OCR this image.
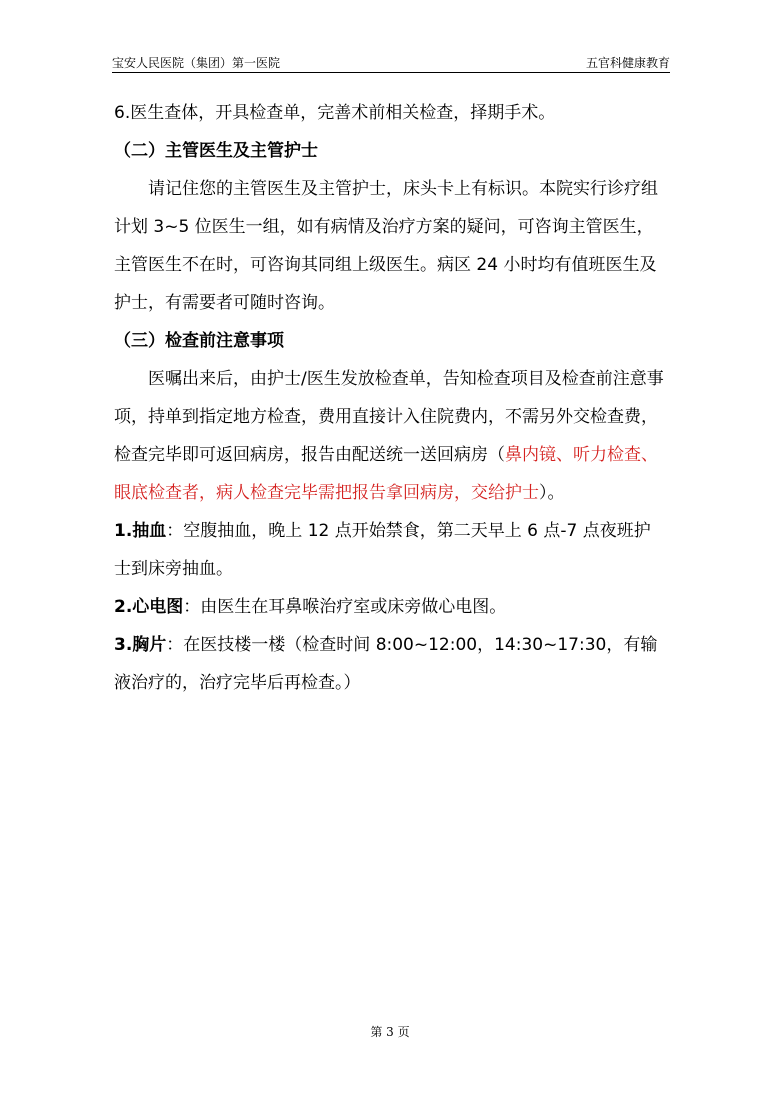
宝安人民医院（集团）第一医院	五官科健康教育

6.医生查体，开具检查单，完善术前相关检查，择期手术。

（二）主管医生及主管护士

请记住您的主管医生及主管护士，床头卡上有标识。本院实行诊疗组计划 3~5 位医生一组，如有病情及治疗方案的疑问，可咨询主管医生，主管医生不在时，可咨询其同组上级医生。病区 24 小时均有值班医生及护士，有需要者可随时咨询。

（三）检查前注意事项

医嘱出来后，由护士/医生发放检查单，告知检查项目及检查前注意事项，持单到指定地方检查，费用直接计入住院费内，不需另外交检查费，检查完毕即可返回病房，报告由配送统一送回病房（鼻内镜、听力检查、眼底检查者，病人检查完毕需把报告拿回病房，交给护士）。

1.抽血：空腹抽血，晚上 12 点开始禁食，第二天早上 6 点-7 点夜班护士到床旁抽血。

2.心电图：由医生在耳鼻喉治疗室或床旁做心电图。

3.胸片：在医技楼一楼（检查时间 8:00~12:00，14:30~17:30，有输液治疗的，治疗完毕后再检查。）

第 3 页
